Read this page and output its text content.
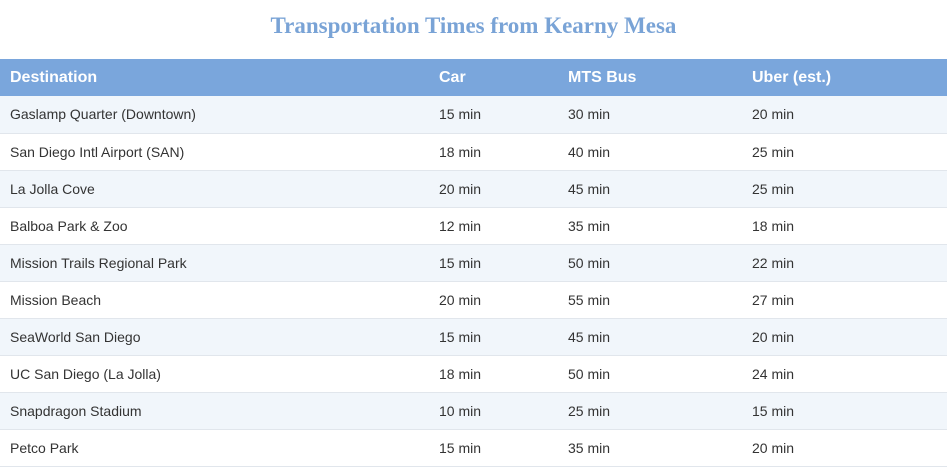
Transportation Times from Kearny Mesa
Destination	Car	MTS Bus	Uber (est.)
Gaslamp Quarter (Downtown)	15 min	30 min	20 min
San Diego Intl Airport (SAN)	18 min	40 min	25 min
La Jolla Cove	20 min	45 min	25 min
Balboa Park & Zoo	12 min	35 min	18 min
Mission Trails Regional Park	15 min	50 min	22 min
Mission Beach	20 min	55 min	27 min
SeaWorld San Diego	15 min	45 min	20 min
UC San Diego (La Jolla)	18 min	50 min	24 min
Snapdragon Stadium	10 min	25 min	15 min
Petco Park	15 min	35 min	20 min
